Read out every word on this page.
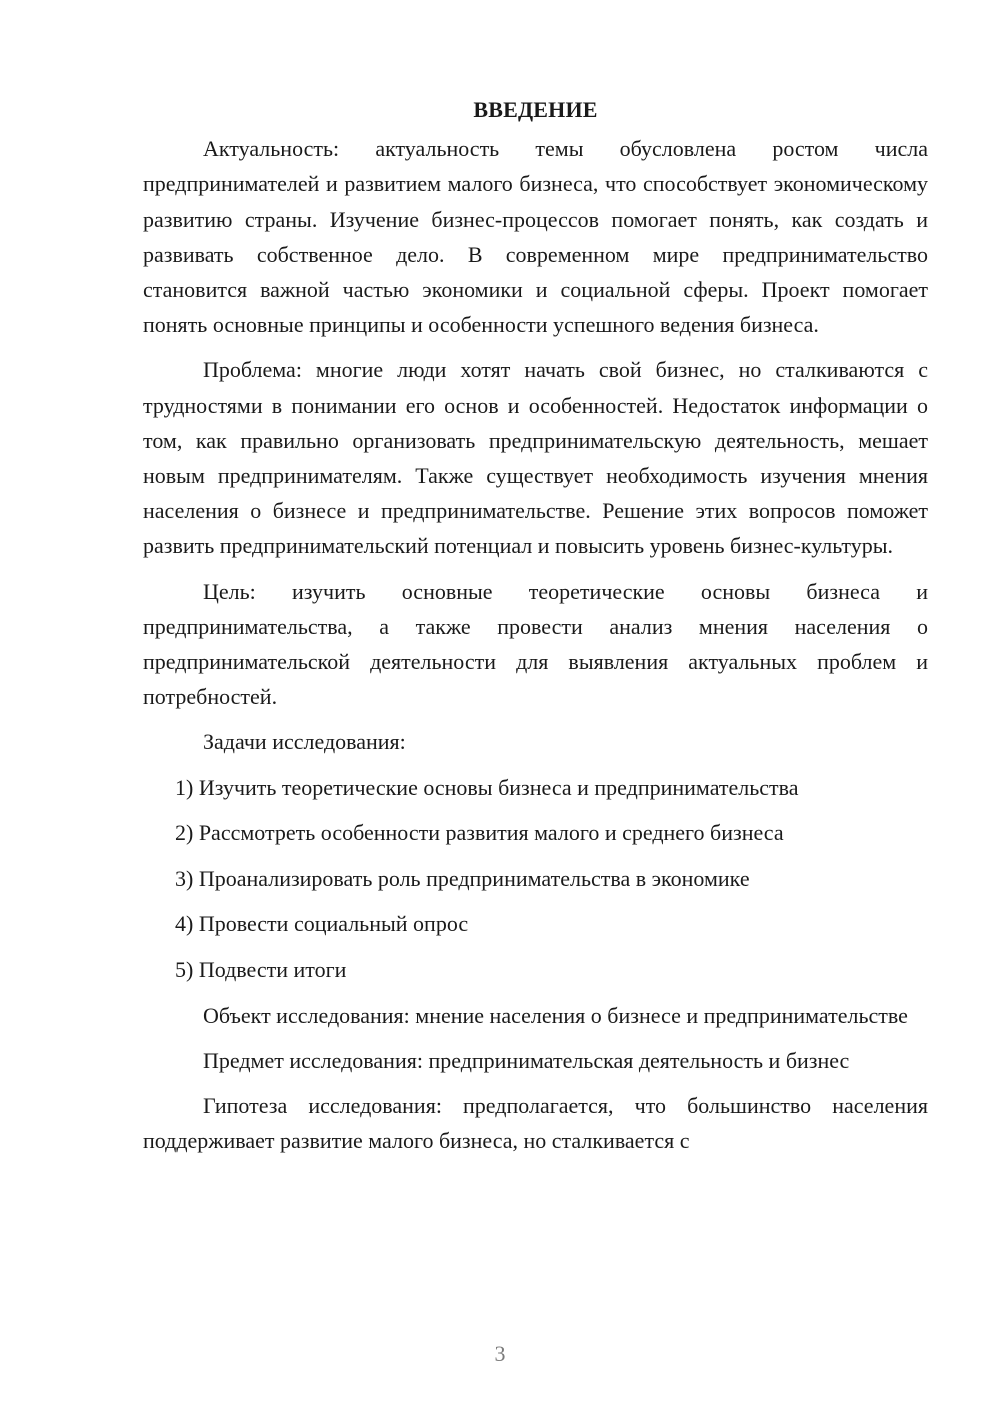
ВВЕДЕНИЕ

Актуальность: актуальность темы обусловлена ростом числа предпринимателей и развитием малого бизнеса, что способствует экономическому развитию страны. Изучение бизнес-процессов помогает понять, как создать и развивать собственное дело. В современном мире предпринимательство становится важной частью экономики и социальной сферы. Проект помогает понять основные принципы и особенности успешного ведения бизнеса.

Проблема: многие люди хотят начать свой бизнес, но сталкиваются с трудностями в понимании его основ и особенностей. Недостаток информации о том, как правильно организовать предпринимательскую деятельность, мешает новым предпринимателям. Также существует необходимость изучения мнения населения о бизнесе и предпринимательстве. Решение этих вопросов поможет развить предпринимательский потенциал и повысить уровень бизнес-культуры.

Цель: изучить основные теоретические основы бизнеса и предпринимательства, а также провести анализ мнения населения о предпринимательской деятельности для выявления актуальных проблем и потребностей.

Задачи исследования:
1) Изучить теоретические основы бизнеса и предпринимательства
2) Рассмотреть особенности развития малого и среднего бизнеса
3) Проанализировать роль предпринимательства в экономике
4) Провести социальный опрос
5) Подвести итоги

Объект исследования: мнение населения о бизнесе и предпринимательстве

Предмет исследования: предпринимательская деятельность и бизнес

Гипотеза исследования: предполагается, что большинство населения поддерживает развитие малого бизнеса, но сталкивается с

3
